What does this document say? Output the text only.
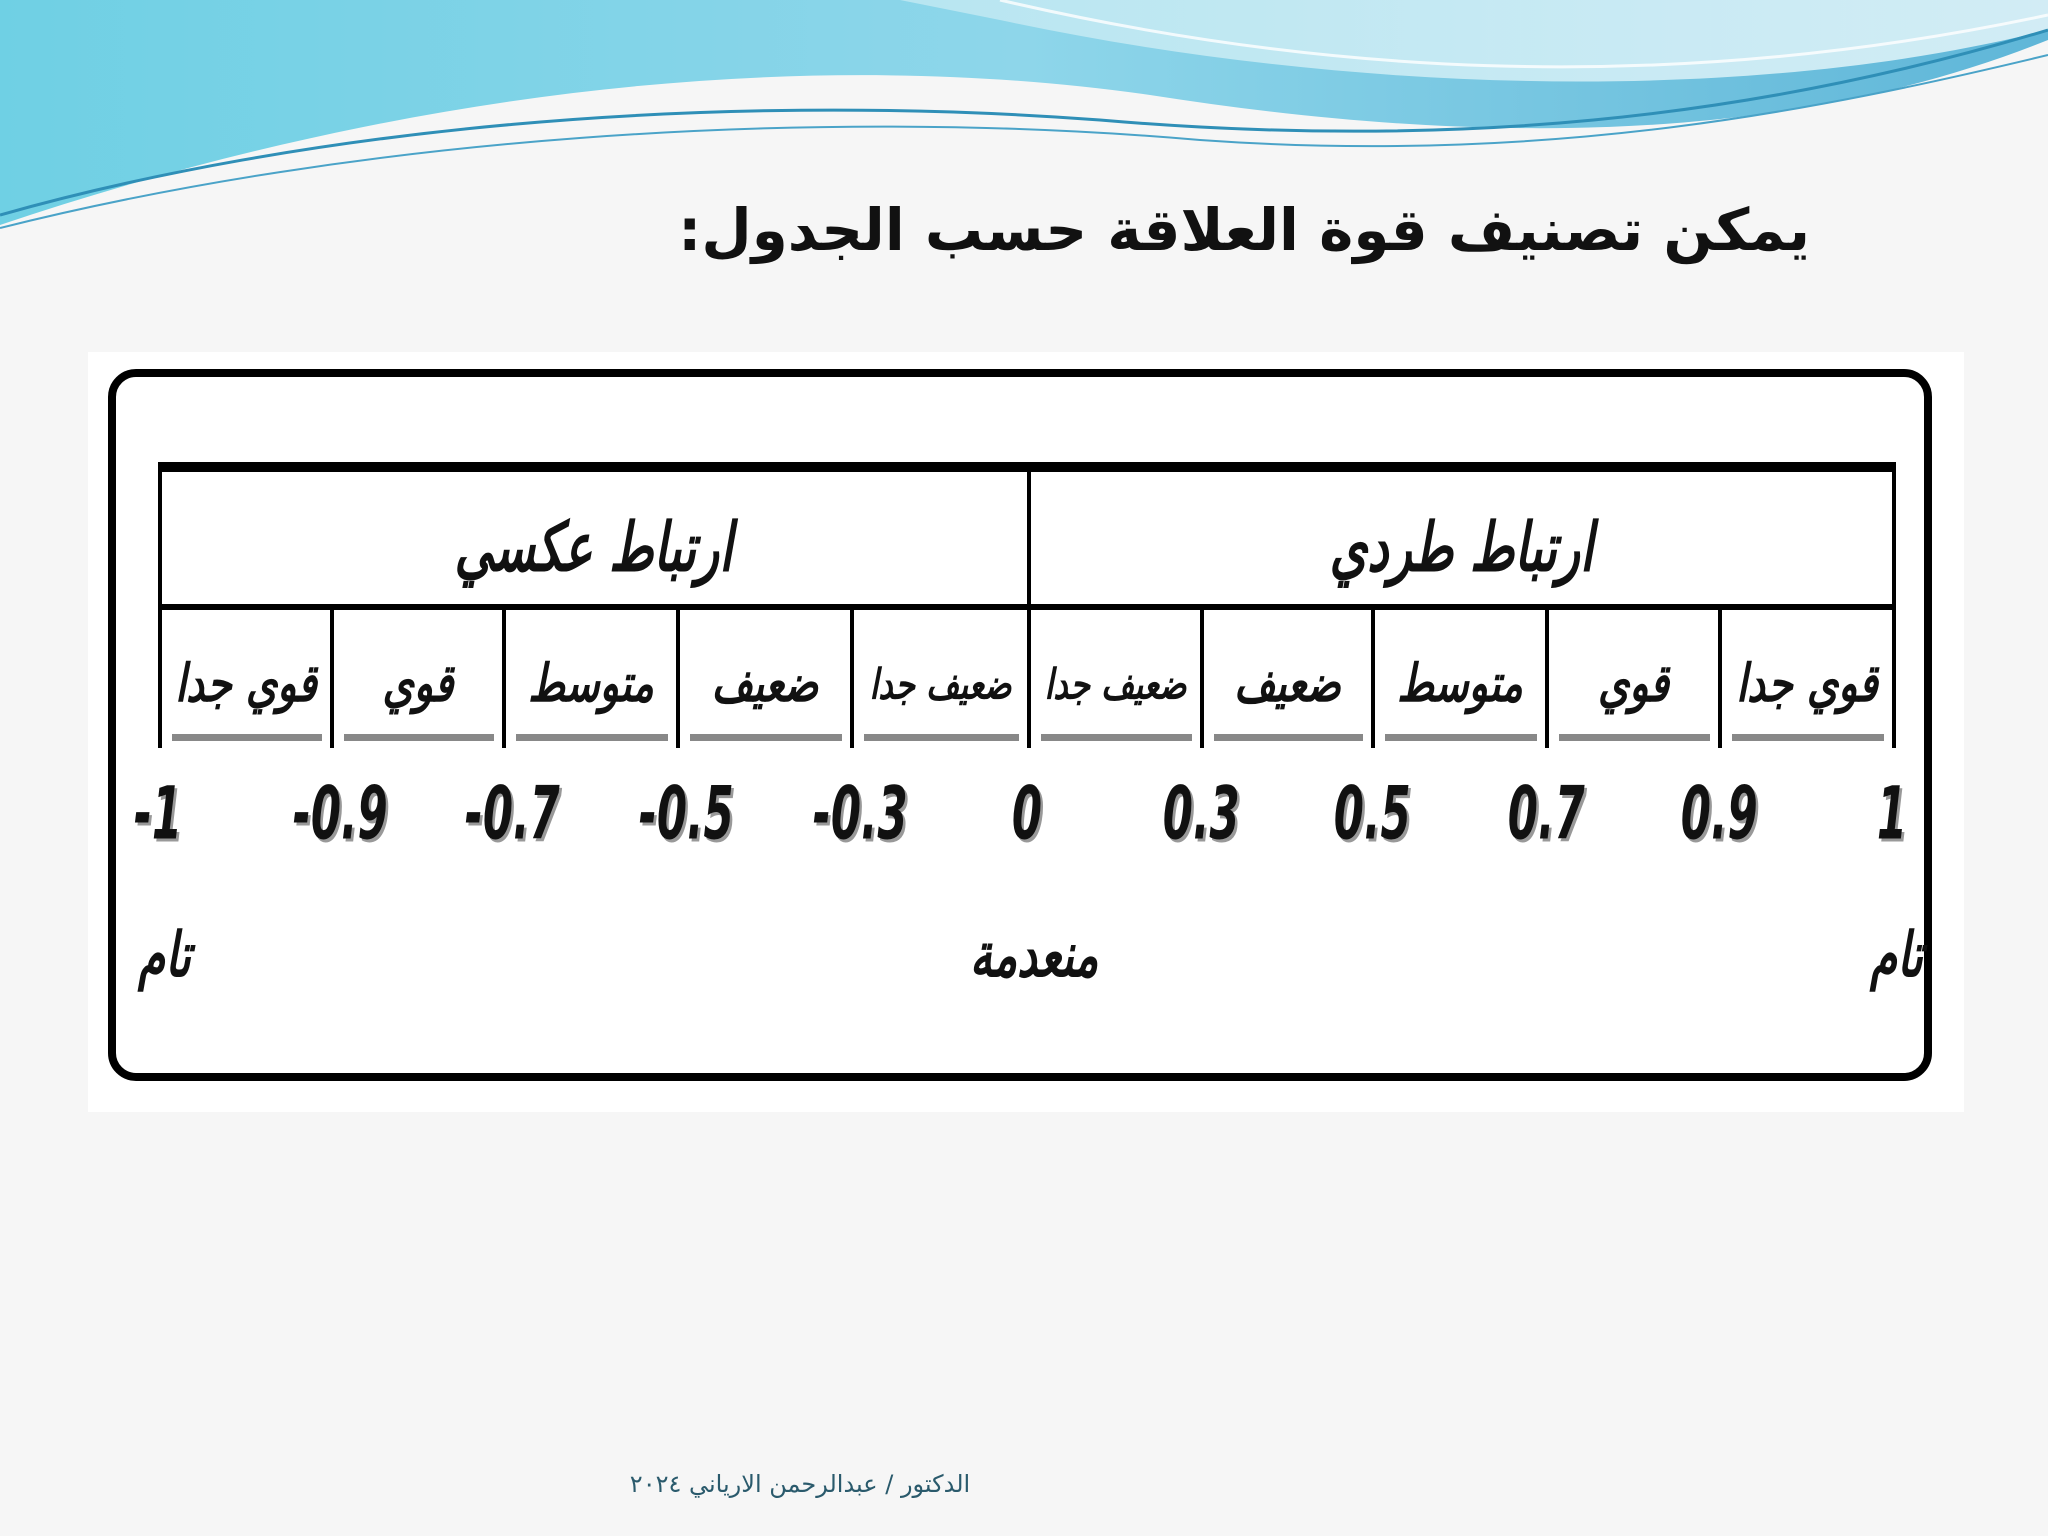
يمكن تصنيف قوة العلاقة حسب الجدول:
ارتباط عكسي	ارتباط طردي
قوي جدا	قوي	متوسط	ضعيف	ضعيف جدا	ضعيف جدا	ضعيف	متوسط	قوي	قوي جدا
-1 -0.9 -0.7 -0.5 -0.3	0	0.3 0.5 0.7 0.9	1
تام	منعدمة	تام
الدكتور / عبدالرحمن الارياني ٢٠٢٤
